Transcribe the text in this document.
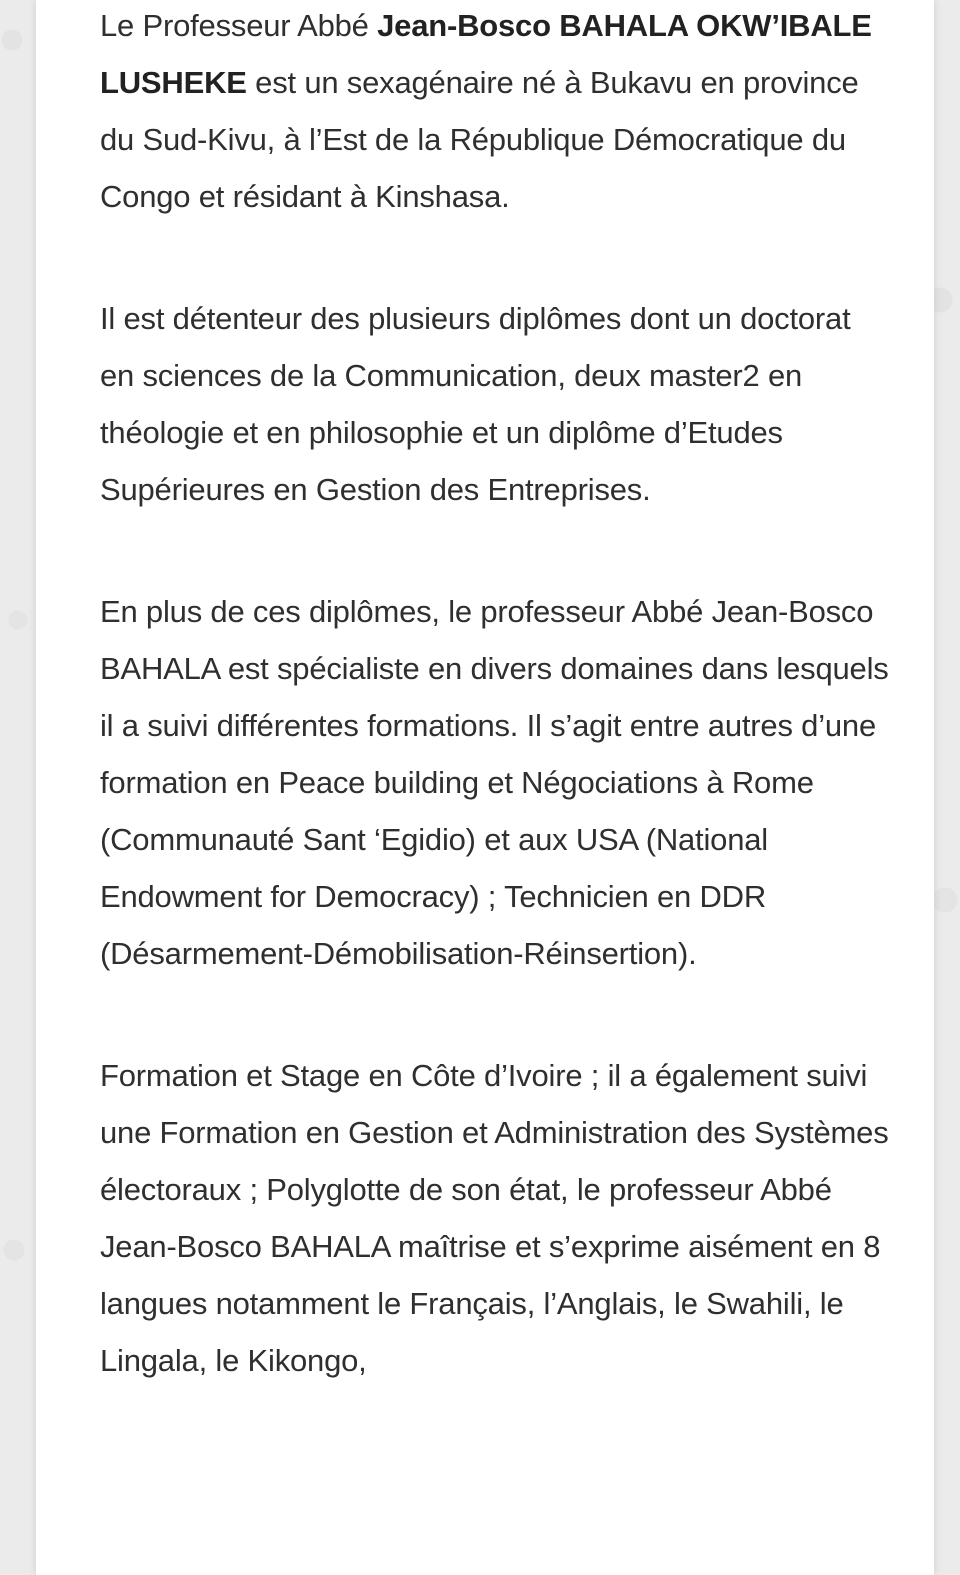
Le Professeur Abbé Jean-Bosco BAHALA OKW’IBALE LUSHEKE est un sexagénaire né à Bukavu en province du Sud-Kivu, à l’Est de la République Démocratique du Congo et résidant à Kinshasa.

Il est détenteur des plusieurs diplômes dont un doctorat en sciences de la Communication, deux master2 en théologie et en philosophie et un diplôme d’Etudes Supérieures en Gestion des Entreprises.

En plus de ces diplômes, le professeur Abbé Jean-Bosco BAHALA est spécialiste en divers domaines dans lesquels il a suivi différentes formations. Il s’agit entre autres d’une formation en Peace building et Négociations à Rome (Communauté Sant ‘Egidio) et aux USA (National Endowment for Democracy) ; Technicien en DDR (Désarmement-Démobilisation-Réinsertion).

Formation et Stage en Côte d’Ivoire ; il a également suivi une Formation en Gestion et Administration des Systèmes électoraux ; Polyglotte de son état, le professeur Abbé Jean-Bosco BAHALA maîtrise et s’exprime aisément en 8 langues notamment le Français, l’Anglais, le Swahili, le Lingala, le Kikongo,
